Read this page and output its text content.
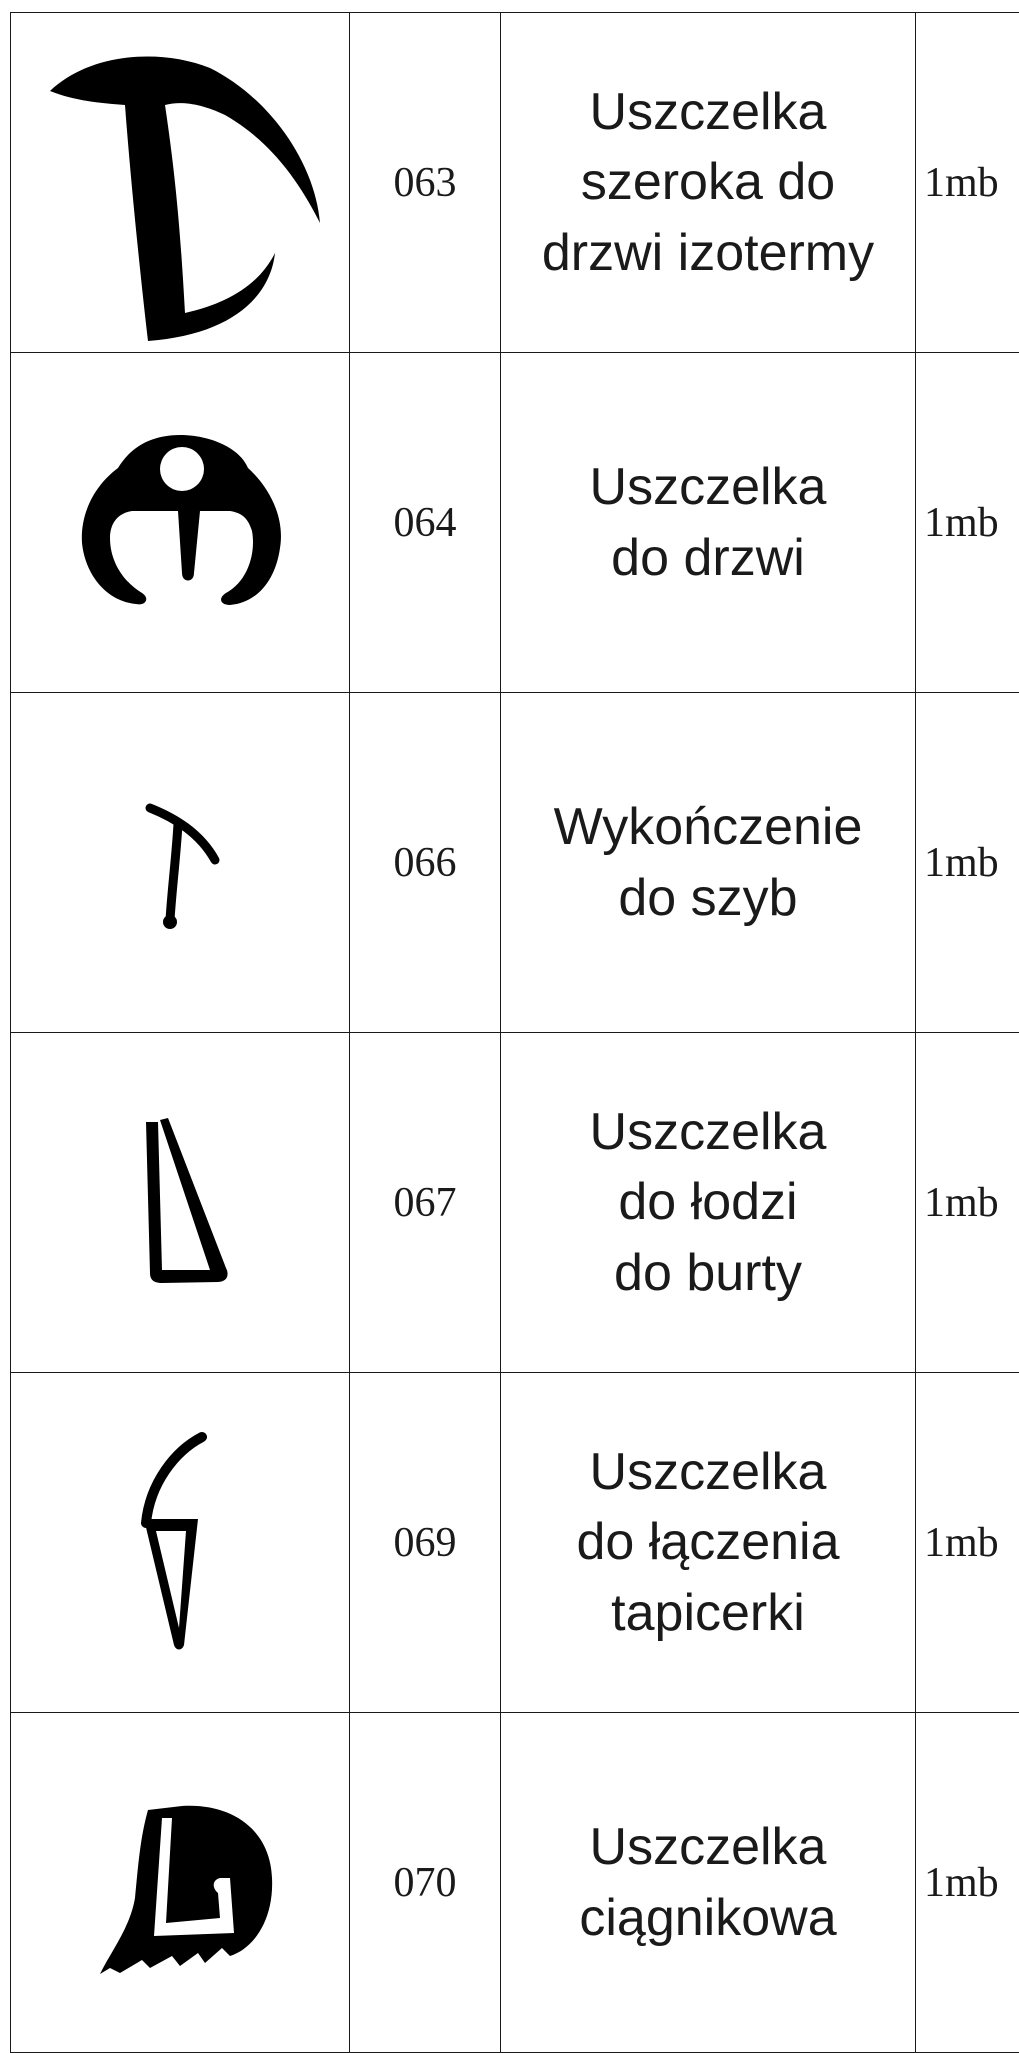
	063	Uszczelka
szeroka do
drzwi izotermy	1mb

	064	Uszczelka
do drzwi	1mb

	066	Wykończenie
do szyb	1mb

	067	Uszczelka
do łodzi
do burty	1mb

	069	Uszczelka
do łączenia
tapicerki	1mb

	070	Uszczelka
ciągnikowa	1mb
